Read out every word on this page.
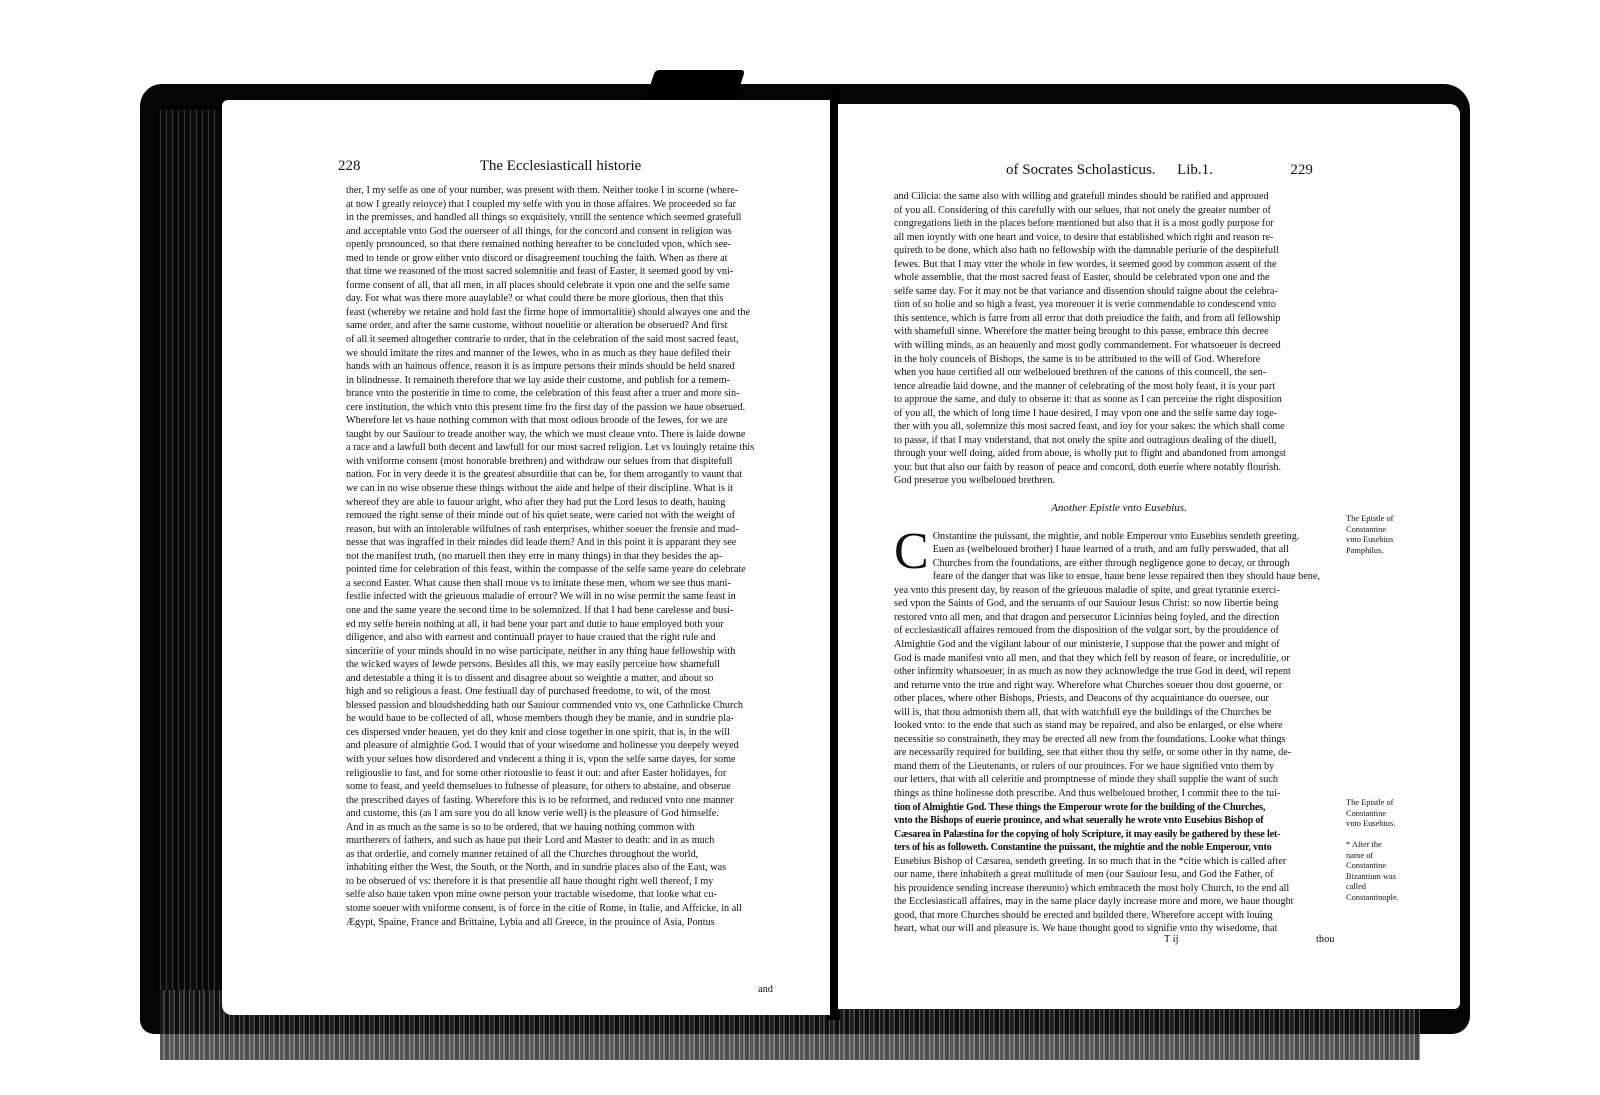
228	The Ecclesiasticall historie

ther, I my selfe as one of your number, was present with them. Neither tooke I in scorne (where-

at now I greatly reioyce) that I coupled my selfe with you in those affaires. We proceeded so far

in the premisses, and handled all things so exquisitely, vntill the sentence which seemed gratefull

and acceptable vnto God the ouerseer of all things, for the concord and consent in religion was

openly pronounced, so that there remained nothing hereafter to be concluded vpon, which see-

med to tende or grow either vnto discord or disagreement touching the faith. When as there at

that time we reasoned of the most sacred solemnitie and feast of Easter, it seemed good by vni-

forme consent of all, that all men, in all places should celebrate it vpon one and the selfe same

day. For what was there more auaylable? or what could there be more glorious, then that this

feast (whereby we retaine and hold fast the firme hope of immortalitie) should alwayes one and the

same order, and after the same custome, without nouelitie or alteration be obserued? And first

of all it seemed altogether contrarie to order, that in the celebration of the said most sacred feast,

we should imitate the rites and manner of the Iewes, who in as much as they haue defiled their

hands with an hainous offence, reason it is as impure persons their minds should be held snared

in blindnesse. It remaineth therefore that we lay aside their custome, and publish for a remem-

brance vnto the posteritie in time to come, the celebration of this feast after a truer and more sin-

cere institution, the which vnto this present time fro the first day of the passion we haue obserued.

Wherefore let vs haue nothing common with that most odious broode of the Iewes, for we are

taught by our Sauiour to treade another way, the which we must cleaue vnto. There is laide downe

a race and a lawfull both decent and lawfull for our most sacred religion. Let vs louingly retaine this

with vniforme consent (most honorable brethren) and withdraw our selues from that dispitefull

nation. For in very deede it is the greatest absurditie that can be, for them arrogantly to vaunt that

we can in no wise obserue these things without the aide and helpe of their discipline. What is it

whereof they are able to fauour aright, who after they had put the Lord Iesus to death, hauing

remoued the right sense of their minde out of his quiet seate, were caried not with the weight of

reason, but with an intolerable wilfulnes of rash enterprises, whither soeuer the frensie and mad-

nesse that was ingraffed in their mindes did leade them? And in this point it is apparant they see

not the manifest truth, (no maruell then they erre in many things) in that they besides the ap-

pointed time for celebration of this feast, within the compasse of the selfe same yeare do celebrate

a second Easter. What cause then shall moue vs to imitate these men, whom we see thus mani-

festlie infected with the grieuous maladie of errour? We will in no wise permit the same feast in

one and the same yeare the second time to be solemnized. If that I had bene carelesse and busi-

ed my selfe herein nothing at all, it had bene your part and dutie to haue employed both your

diligence, and also with earnest and continuall prayer to haue craued that the right rule and

sinceritie of your minds should in no wise participate, neither in any thing haue fellowship with

the wicked wayes of lewde persons. Besides all this, we may easily perceiue how shamefull

and detestable a thing it is to dissent and disagree about so weightie a matter, and about so

high and so religious a feast. One festiuall day of purchased freedome, to wit, of the most

blessed passion and bloudshedding hath our Sauiour commended vnto vs, one Catholicke Church

he would haue to be collected of all, whose members though they be manie, and in sundrie pla-

ces dispersed vnder heauen, yet do they knit and close together in one spirit, that is, in the will

and pleasure of almightie God. I would that of your wisedome and holinesse you deepely weyed

with your selues how disordered and vndecent a thing it is, vpon the selfe same dayes, for some

religiouslie to fast, and for some other riotouslie to feast it out: and after Easter holidayes, for

some to feast, and yeeld themselues to fulnesse of pleasure, for others to abstaine, and obserue

the prescribed dayes of fasting. Wherefore this is to be reformed, and reduced vnto one manner

and custome, this (as I am sure you do all know verie well) is the pleasure of God himselfe.

And in as much as the same is so to be ordered, that we hauing nothing common with

murtherers of fathers, and such as haue put their Lord and Master to death: and in as much

as that orderlie, and comely manner retained of all the Churches throughout the world,

inhabiting either the West, the South, or the North, and in sundrie places also of the East, was

to be obserued of vs: therefore it is that presentlie all haue thought right well thereof, I my

selfe also haue taken vpon mine owne person your tractable wisedome, that looke what cu-

stome soeuer with vniforme consent, is of force in the citie of Rome, in Italie, and Affricke, in all

Ægypt, Spaine, France and Brittaine, Lybia and all Greece, in the prouince of Asia, Pontus

and
of Socrates Scholasticus. Lib.1.	229

and Cilicia: the same also with willing and gratefull mindes should be ratified and approued

of you all. Considering of this carefully with our selues, that not onely the greater number of

congregations lieth in the places before mentioned but also that it is a most godly purpose for

all men ioyntly with one heart and voice, to desire that established which right and reason re-

quireth to be done, which also hath no fellowship with the damnable periurie of the despitefull

Iewes. But that I may vtter the whole in few wordes, it seemed good by common assent of the

whole assemblie, that the most sacred feast of Easter, should be celebrated vpon one and the

selfe same day. For it may not be that variance and dissention should raigne about the celebra-

tion of so holie and so high a feast, yea moreouer it is verie commendable to condescend vnto

this sentence, which is farre from all error that doth preiudice the faith, and from all fellowship

with shamefull sinne. Wherefore the matter being brought to this passe, embrace this decree

with willing minds, as an heauenly and most godly commandement. For whatsoeuer is decreed

in the holy councels of Bishops, the same is to be attributed to the will of God. Wherefore

when you haue certified all our welbeloued brethren of the canons of this councell, the sen-

tence alreadie laid downe, and the manner of celebrating of the most holy feast, it is your part

to approue the same, and duly to obserue it: that as soone as I can perceiue the right disposition

of you all, the which of long time I haue desired, I may vpon one and the selfe same day toge-

ther with you all, solemnize this most sacred feast, and ioy for your sakes: the which shall come

to passe, if that I may vnderstand, that not onely the spite and outragious dealing of the diuell,

through your well doing, aided from aboue, is wholly put to flight and abandoned from amongst

you: but that also our faith by reason of peace and concord, doth euerie where notably flourish.

God preserue you welbeloued brethren.

Another Epistle vnto Eusebius.
C Onstantine the puissant, the mightie, and noble Emperour vnto Eusebius sendeth greeting.

Euen as (welbeloued brother) I haue learned of a truth, and am fully perswaded, that all

Churches from the foundations, are either through negligence gone to decay, or through

feare of the danger that was like to ensue, haue bene lesse repaired then they should haue bene,

yea vnto this present day, by reason of the grieuous maladie of spite, and great tyrannie exerci-

sed vpon the Saints of God, and the seruants of our Sauiour Iesus Christ: so now libertie being

restored vnto all men, and that dragon and persecutor Licinnius being foyled, and the direction

of ecclesiasticall affaires remoued from the disposition of the vulgar sort, by the prouidence of

Almightie God and the vigilant labour of our ministerie, I suppose that the power and might of

God is made manifest vnto all men, and that they which fell by reason of feare, or incredulitie, or

other infirmity whatsoeuer, in as much as now they acknowledge the true God in deed, wil repent

and returne vnto the true and right way. Wherefore what Churches soeuer thou dost gouerne, or

other places, where other Bishops, Priests, and Deacons of thy acquaintance do ouersee, our

will is, that thou admonish them all, that with watchfull eye the buildings of the Churches be

looked vnto: to the ende that such as stand may be repaired, and also be enlarged, or else where

necessitie so constraineth, they may be erected all new from the foundations. Looke what things

are necessarily required for building, see that either thou thy selfe, or some other in thy name, de-

mand them of the Lieutenants, or rulers of our prouinces. For we haue signified vnto them by

our letters, that with all celeritie and promptnesse of minde they shall supplie the want of such

things as thine holinesse doth prescribe. And thus welbeloued brother, I commit thee to the tui-

tion of Almightie God. These things the Emperour wrote for the building of the Churches,

vnto the Bishops of euerie prouince, and what seuerally he wrote vnto Eusebius Bishop of

Cæsarea in Palæstina for the copying of holy Scripture, it may easily be gathered by these let-

ters of his as followeth. Constantine the puissant, the mightie and the noble Emperour, vnto

Eusebius Bishop of Cæsarea, sendeth greeting. In so much that in the *citie which is called after

our name, there inhabiteth a great multitude of men (our Sauiour Iesu, and God the Father, of

his prouidence sending increase thereunto) which embraceth the most holy Church, to the end all

the Ecclesiasticall affaires, may in the same place dayly increase more and more, we haue thought

good, that more Churches should be erected and builded there. Wherefore accept with louing

heart, what our will and pleasure is. We haue thought good to signifie vnto thy wisedome, that

The Epistle of Constantine vnto Eusebius Pamphilus.
The Epistle of Constantine vnto Eusebius.
* After the name of Constantine Bizantium was called Constantinople.
T ij	thou
